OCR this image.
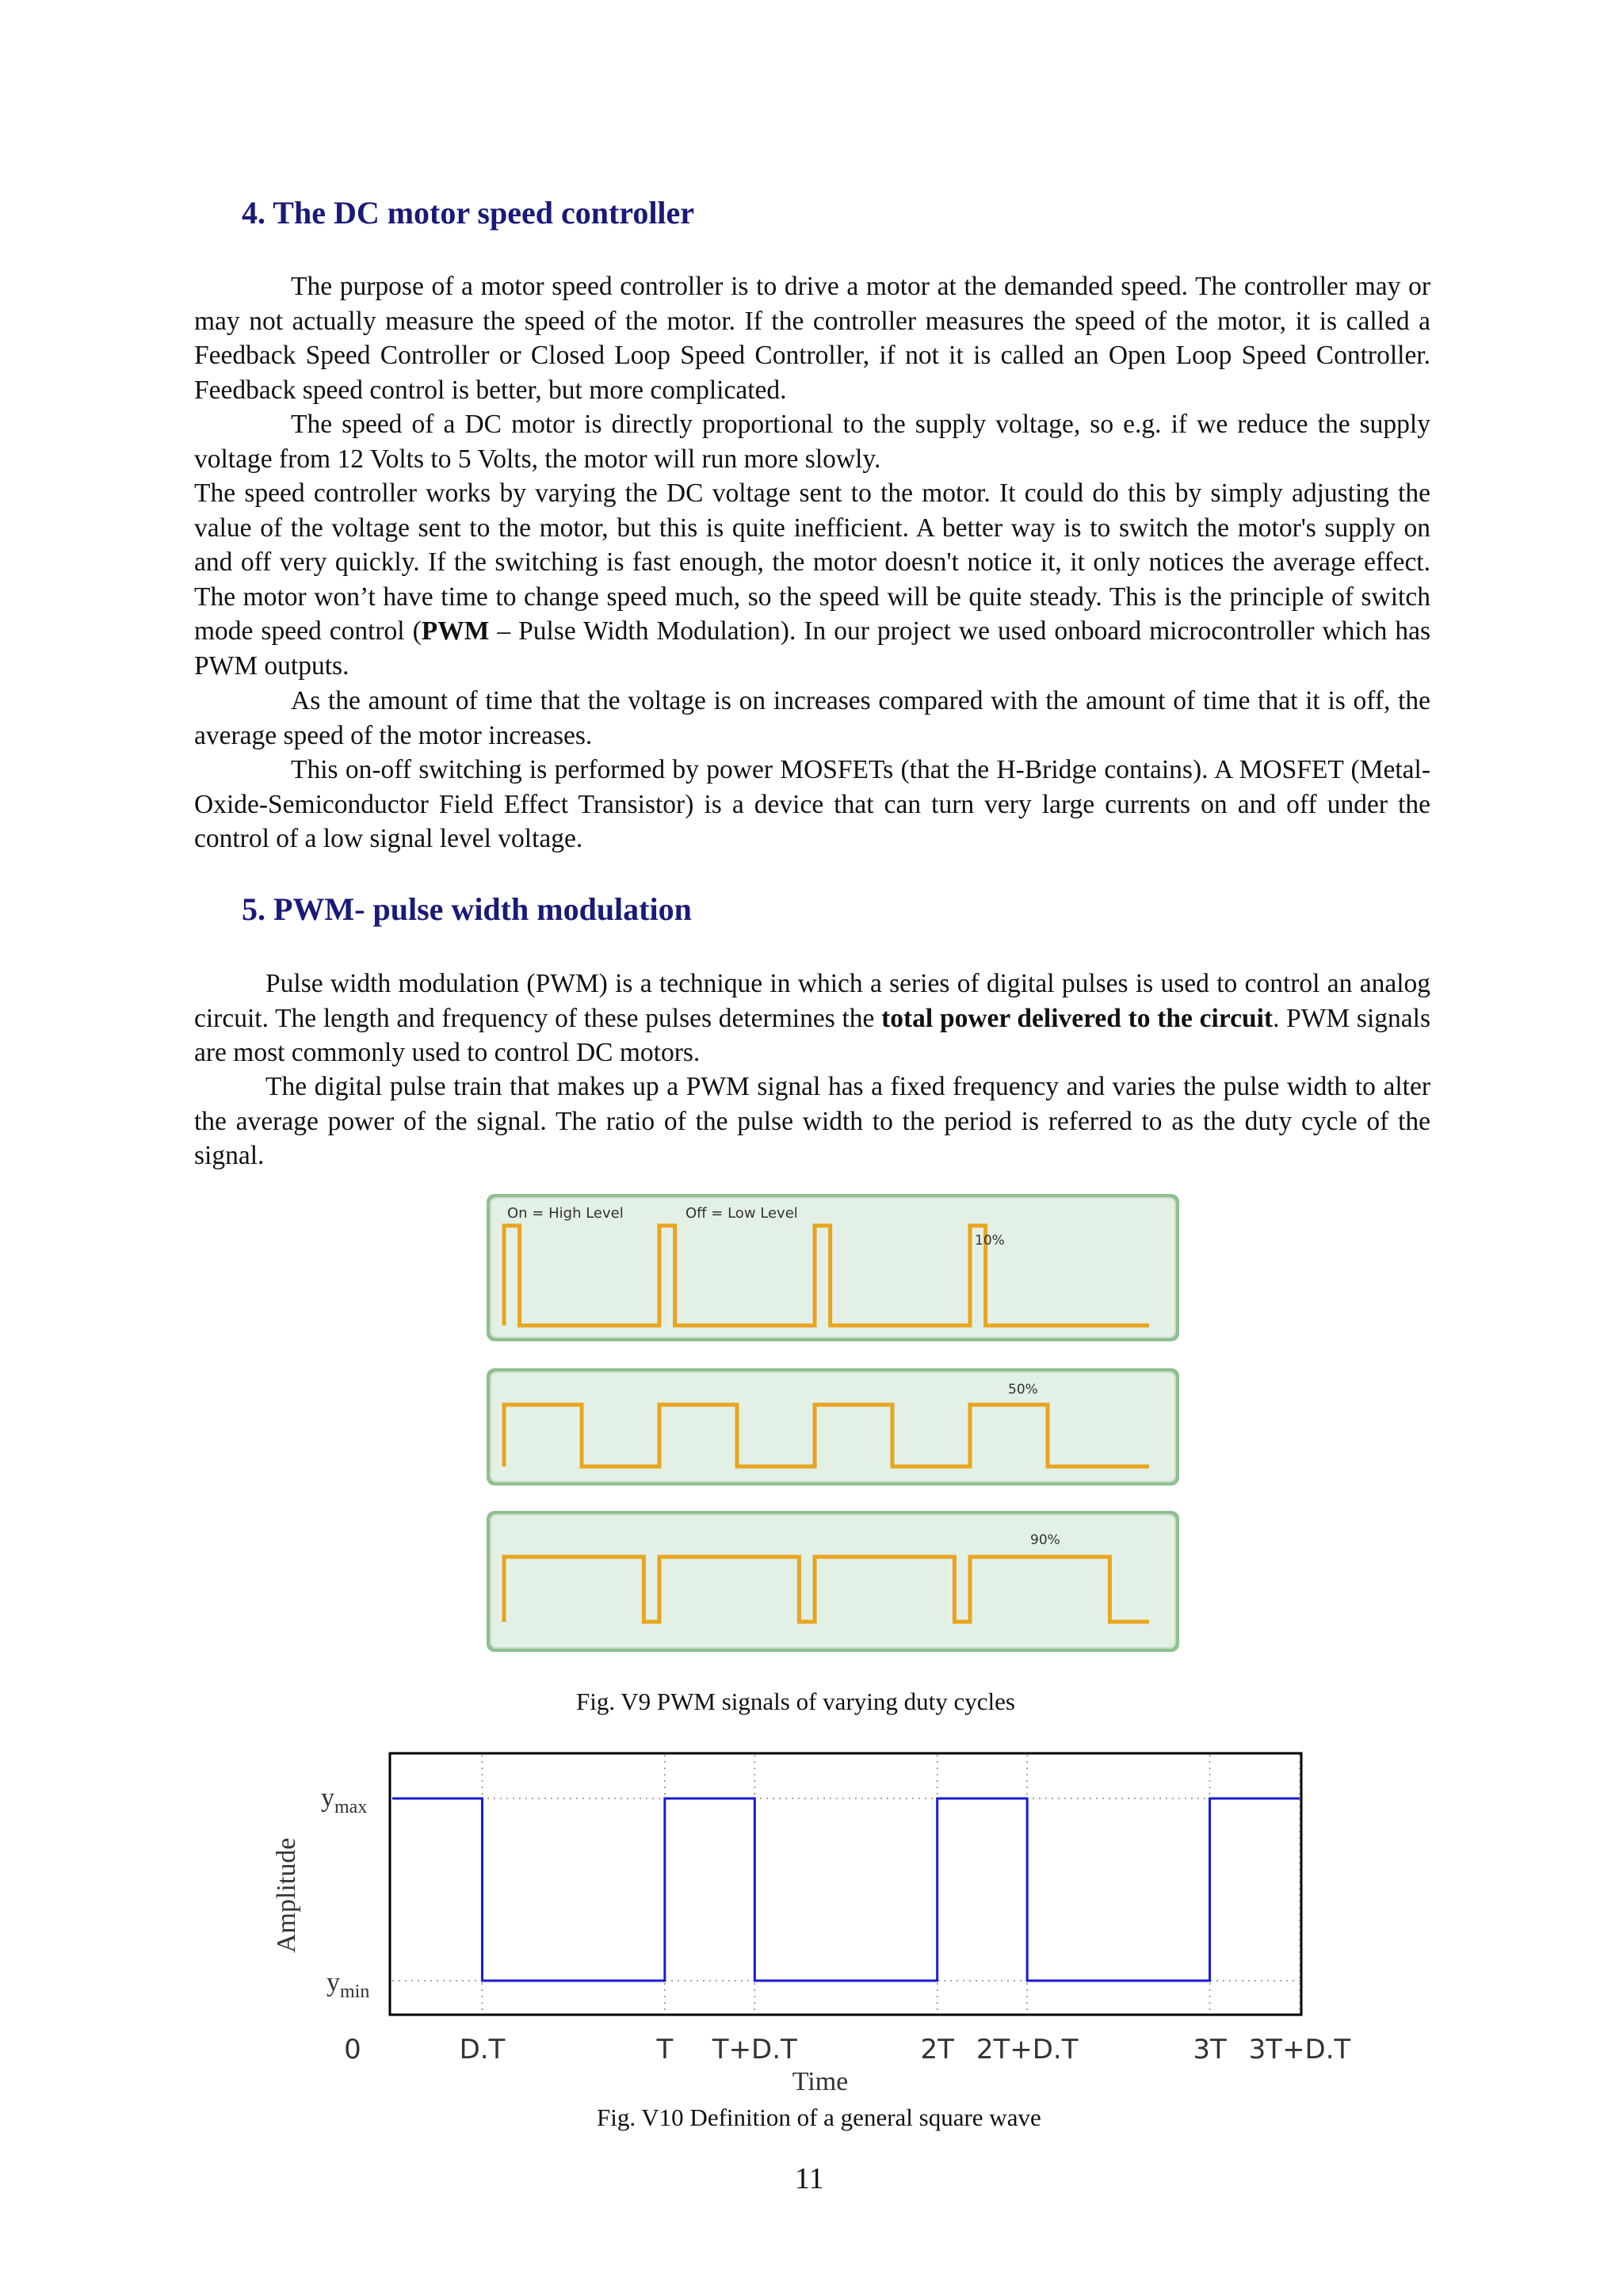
4. The DC motor speed controller
The purpose of a motor speed controller is to drive a motor at the demanded speed. The controller may or may not actually measure the speed of the motor. If the controller measures the speed of the motor, it is called a Feedback Speed Controller or Closed Loop Speed Controller, if not it is called an Open Loop Speed Controller. Feedback speed control is better, but more complicated.
The speed of a DC motor is directly proportional to the supply voltage, so e.g. if we reduce the supply voltage from 12 Volts to 5 Volts, the motor will run more slowly.
The speed controller works by varying the DC voltage sent to the motor. It could do this by simply adjusting the value of the voltage sent to the motor, but this is quite inefficient. A better way is to switch the motor's supply on and off very quickly. If the switching is fast enough, the motor doesn't notice it, it only notices the average effect. The motor won’t have time to change speed much, so the speed will be quite steady. This is the principle of switch mode speed control (PWM – Pulse Width Modulation). In our project we used onboard microcontroller which has PWM outputs.
As the amount of time that the voltage is on increases compared with the amount of time that it is off, the average speed of the motor increases.
This on-off switching is performed by power MOSFETs (that the H-Bridge contains). A MOSFET (Metal-Oxide-Semiconductor Field Effect Transistor) is a device that can turn very large currents on and off under the control of a low signal level voltage.
5. PWM- pulse width modulation
Pulse width modulation (PWM) is a technique in which a series of digital pulses is used to control an analog circuit. The length and frequency of these pulses determines the total power delivered to the circuit. PWM signals are most commonly used to control DC motors.
The digital pulse train that makes up a PWM signal has a fixed frequency and varies the pulse width to alter the average power of the signal. The ratio of the pulse width to the period is referred to as the duty cycle of the signal.
10%
50%
90%
On = High Level	Off = Low Level
Fig. V9 PWM signals of varying duty cycles
0	D.T	T T+D.T	2T 2T+D.T	3T 3T+D.T
$y_{max}$
$y_{min}$
Amplitude
Time
Fig. V10 Definition of a general square wave
11
